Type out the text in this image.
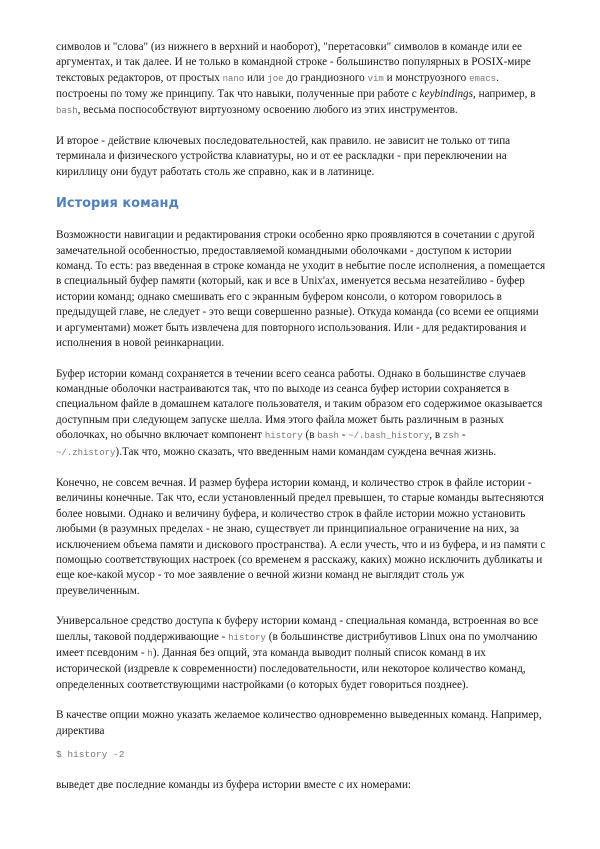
символов и "слова" (из нижнего в верхний и наоборот), "перетасовки" символов в команде или ее аргументах, и так далее. И не только в командной строке - большинство популярных в POSIX-мире текстовых редакторов, от простых nano или joe до грандиозного vim и монструозного emacs. построены по тому же принципу. Так что навыки, полученные при работе с keybindings, например, в bash, весьма поспособствуют виртуозному освоению любого из этих инструментов.

И второе - действие ключевых последовательностей, как правило. не зависит не только от типа терминала и физического устройства клавиатуры, но и от ее раскладки - при переключении на кириллицу они будут работать столь же справно, как и в латинице.

История команд

Возможности навигации и редактирования строки особенно ярко проявляются в сочетании с другой замечательной особенностью, предоставляемой командными оболочками - доступом к истории команд. То есть: раз введенная в строке команда не уходит в небытие после исполнения, а помещается в специальный буфер памяти (который, как и все в Unix'ах, именуется весьма незатейливо - буфер истории команд; однако смешивать его с экранным буфером консоли, о котором говорилось в предыдущей главе, не следует - это вещи совершенно разные). Откуда команда (со всеми ее опциями и аргументами) может быть извлечена для повторного использования. Или - для редактирования и исполнения в новой реинкарнации.

Буфер истории команд сохраняется в течении всего сеанса работы. Однако в большинстве случаев командные оболочки настраиваются так, что по выходе из сеанса буфер истории сохраняется в специальном файле в домашнем каталоге пользователя, и таким образом его содержимое оказывается доступным при следующем запуске шелла. Имя этого файла может быть различным в разных оболочках, но обычно включает компонент history (в bash - ~/.bash_history, в zsh - ~/.zhistory).Так что, можно сказать, что введенным нами командам суждена вечная жизнь.

Конечно, не совсем вечная. И размер буфера истории команд, и количество строк в файле истории - величины конечные. Так что, если установленный предел превышен, то старые команды вытесняются более новыми. Однако и величину буфера, и количество строк в файле истории можно установить любыми (в разумных пределах - не знаю, существует ли принципиальное ограничение на них, за исключением объема памяти и дискового пространства). А если учесть, что и из буфера, и из памяти с помощью соответствующих настроек (со временем я расскажу, каких) можно исключить дубликаты и еще кое-какой мусор - то мое заявление о вечной жизни команд не выглядит столь уж преувеличенным.

Универсальное средство доступа к буферу истории команд - специальная команда, встроенная во все шеллы, таковой поддерживающие - history (в большинстве дистрибутивов Linux она по умолчанию имеет псевдоним - h). Данная без опций, эта команда выводит полный список команд в их исторической (издревле к современности) последовательности, или некоторое количество команд, определенных соответствующими настройками (о которых будет говориться позднее).

В качестве опции можно указать желаемое количество одновременно выведенных команд. Например, директива

$ history -2

выведет две последние команды из буфера истории вместе с их номерами:
